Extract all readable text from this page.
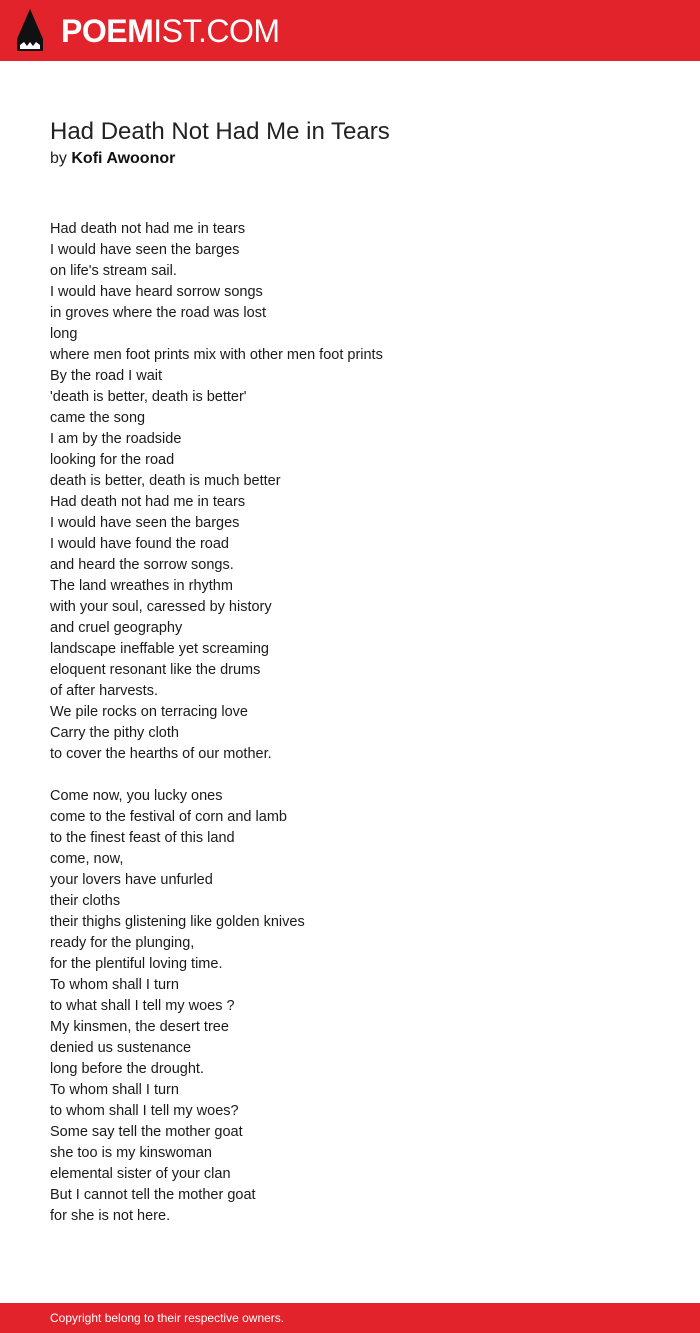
POEMIST.COM
Had Death Not Had Me in Tears
by Kofi Awoonor
Had death not had me in tears
I would have seen the barges
on life's stream sail.
I would have heard sorrow songs
in groves where the road was lost
long
where men foot prints mix with other men foot prints
By the road I wait
'death is better, death is better'
came the song
I am by the roadside
looking for the road
death is better, death is much better
Had death not had me in tears
I would have seen the barges
I would have found the road
and heard the sorrow songs.
The land wreathes in rhythm
with your soul, caressed by history
and cruel geography
landscape ineffable yet screaming
eloquent resonant like the drums
of after harvests.
We pile rocks on terracing love
Carry the pithy cloth
to cover the hearths of our mother.
Come now, you lucky ones
come to the festival of corn and lamb
to the finest feast of this land
come, now,
your lovers have unfurled
their cloths
their thighs glistening like golden knives
ready for the plunging,
for the plentiful loving time.
To whom shall I turn
to what shall I tell my woes ?
My kinsmen, the desert tree
denied us sustenance
long before the drought.
To whom shall I turn
to whom shall I tell my woes?
Some say tell the mother goat
she too is my kinswoman
elemental sister of your clan
But I cannot tell the mother goat
for she is not here.
Copyright belong to their respective owners.
